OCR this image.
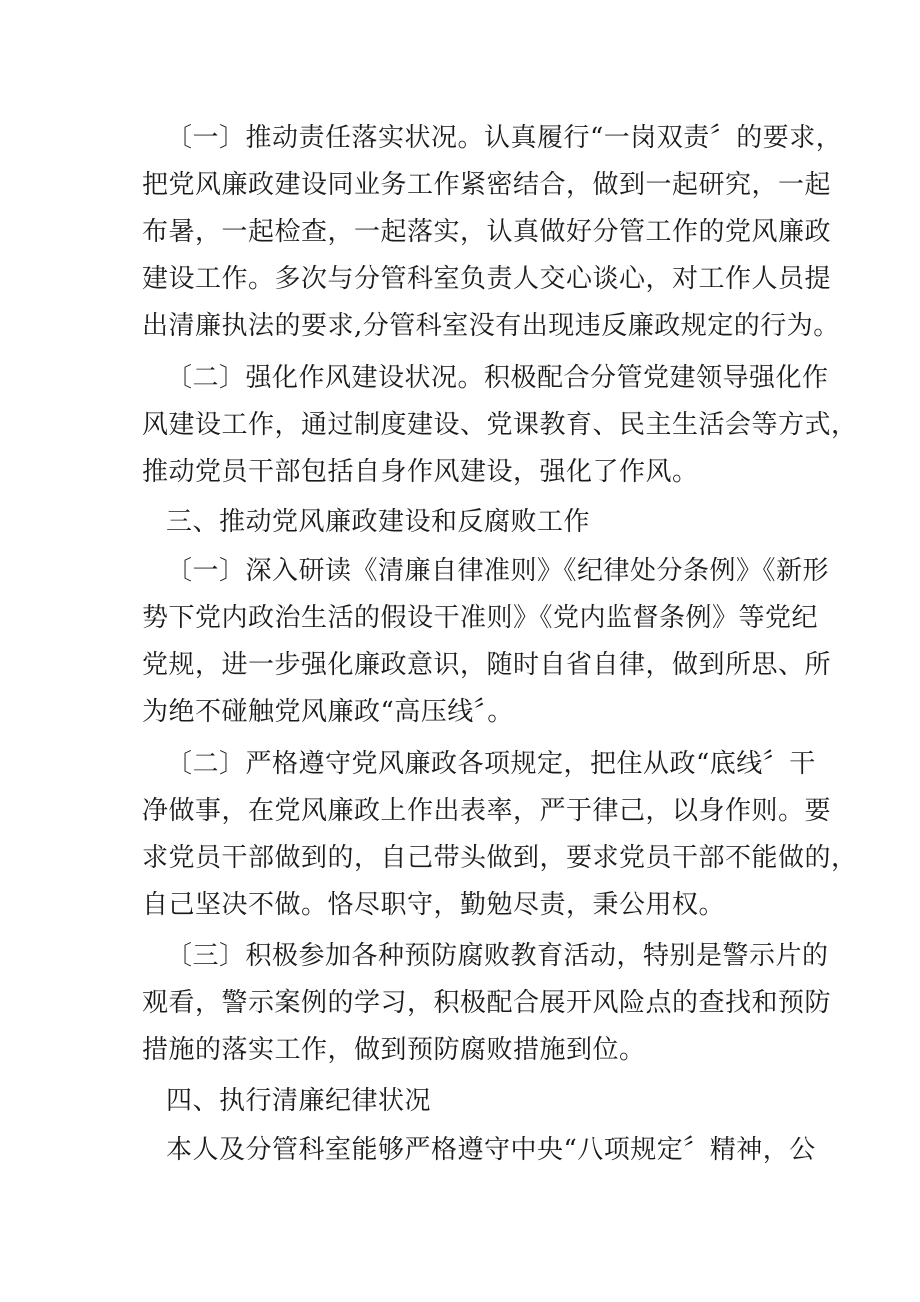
〔一〕推动责任落实状况。认真履行“一岗双责〞的要求，
把党风廉政建设同业务工作紧密结合，做到一起研究，一起
布暑，一起检查，一起落实，认真做好分管工作的党风廉政
建设工作。多次与分管科室负责人交心谈心，对工作人员提
出清廉执法的要求,分管科室没有出现违反廉政规定的行为。
〔二〕强化作风建设状况。积极配合分管党建领导强化作
风建设工作，通过制度建设、党课教育、民主生活会等方式，
推动党员干部包括自身作风建设，强化了作风。
三、推动党风廉政建设和反腐败工作
〔一〕深入研读《清廉自律准则》《纪律处分条例》《新形
势下党内政治生活的假设干准则》《党内监督条例》等党纪
党规，进一步强化廉政意识，随时自省自律，做到所思、所
为绝不碰触党风廉政“高压线〞。
〔二〕严格遵守党风廉政各项规定，把住从政“底线〞干
净做事，在党风廉政上作出表率，严于律己，以身作则。要
求党员干部做到的，自己带头做到，要求党员干部不能做的，
自己坚决不做。恪尽职守，勤勉尽责，秉公用权。
〔三〕积极参加各种预防腐败教育活动，特别是警示片的
观看，警示案例的学习，积极配合展开风险点的查找和预防
措施的落实工作，做到预防腐败措施到位。
四、执行清廉纪律状况
本人及分管科室能够严格遵守中央“八项规定〞精神，公
